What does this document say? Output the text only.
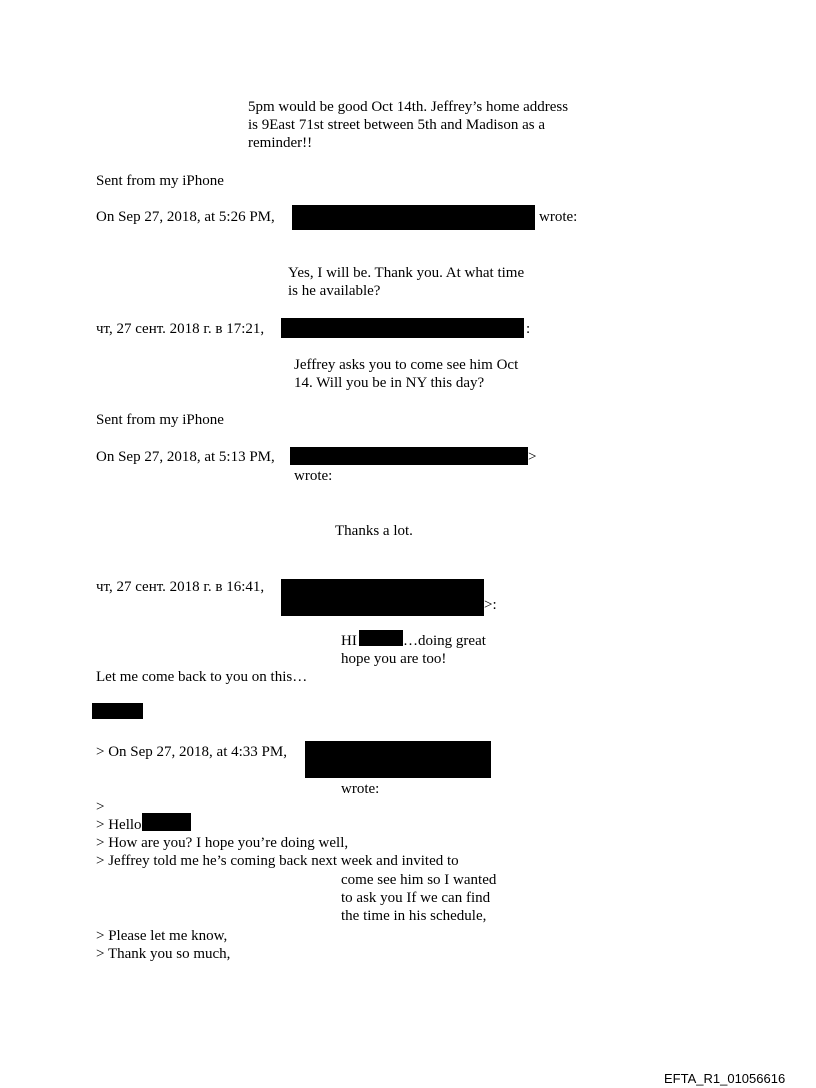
5pm would be good Oct 14th. Jeffrey’s home address

is 9East 71st street between 5th and Madison as a

reminder!!

Sent from my iPhone

On Sep 27, 2018, at 5:26 PM,	wrote:

Yes, I will be. Thank you. At what time

is he available?

чт, 27 сент. 2018 г. в 17:21,	:

Jeffrey asks you to come see him Oct

14. Will you be in NY this day?

Sent from my iPhone

On Sep 27, 2018, at 5:13 PM,	>

wrote:

Thanks a lot.

чт, 27 сент. 2018 г. в 16:41,

>:

HI	…doing great

hope you are too!

Let me come back to you on this…

> On Sep 27, 2018, at 4:33 PM,

wrote:

>

> Hello

> How are you? I hope you’re doing well,

> Jeffrey told me he’s coming back next week and invited to

come see him so I wanted

to ask you If we can find

the time in his schedule,

> Please let me know,

> Thank you so much,

EFTA_R1_01056616
